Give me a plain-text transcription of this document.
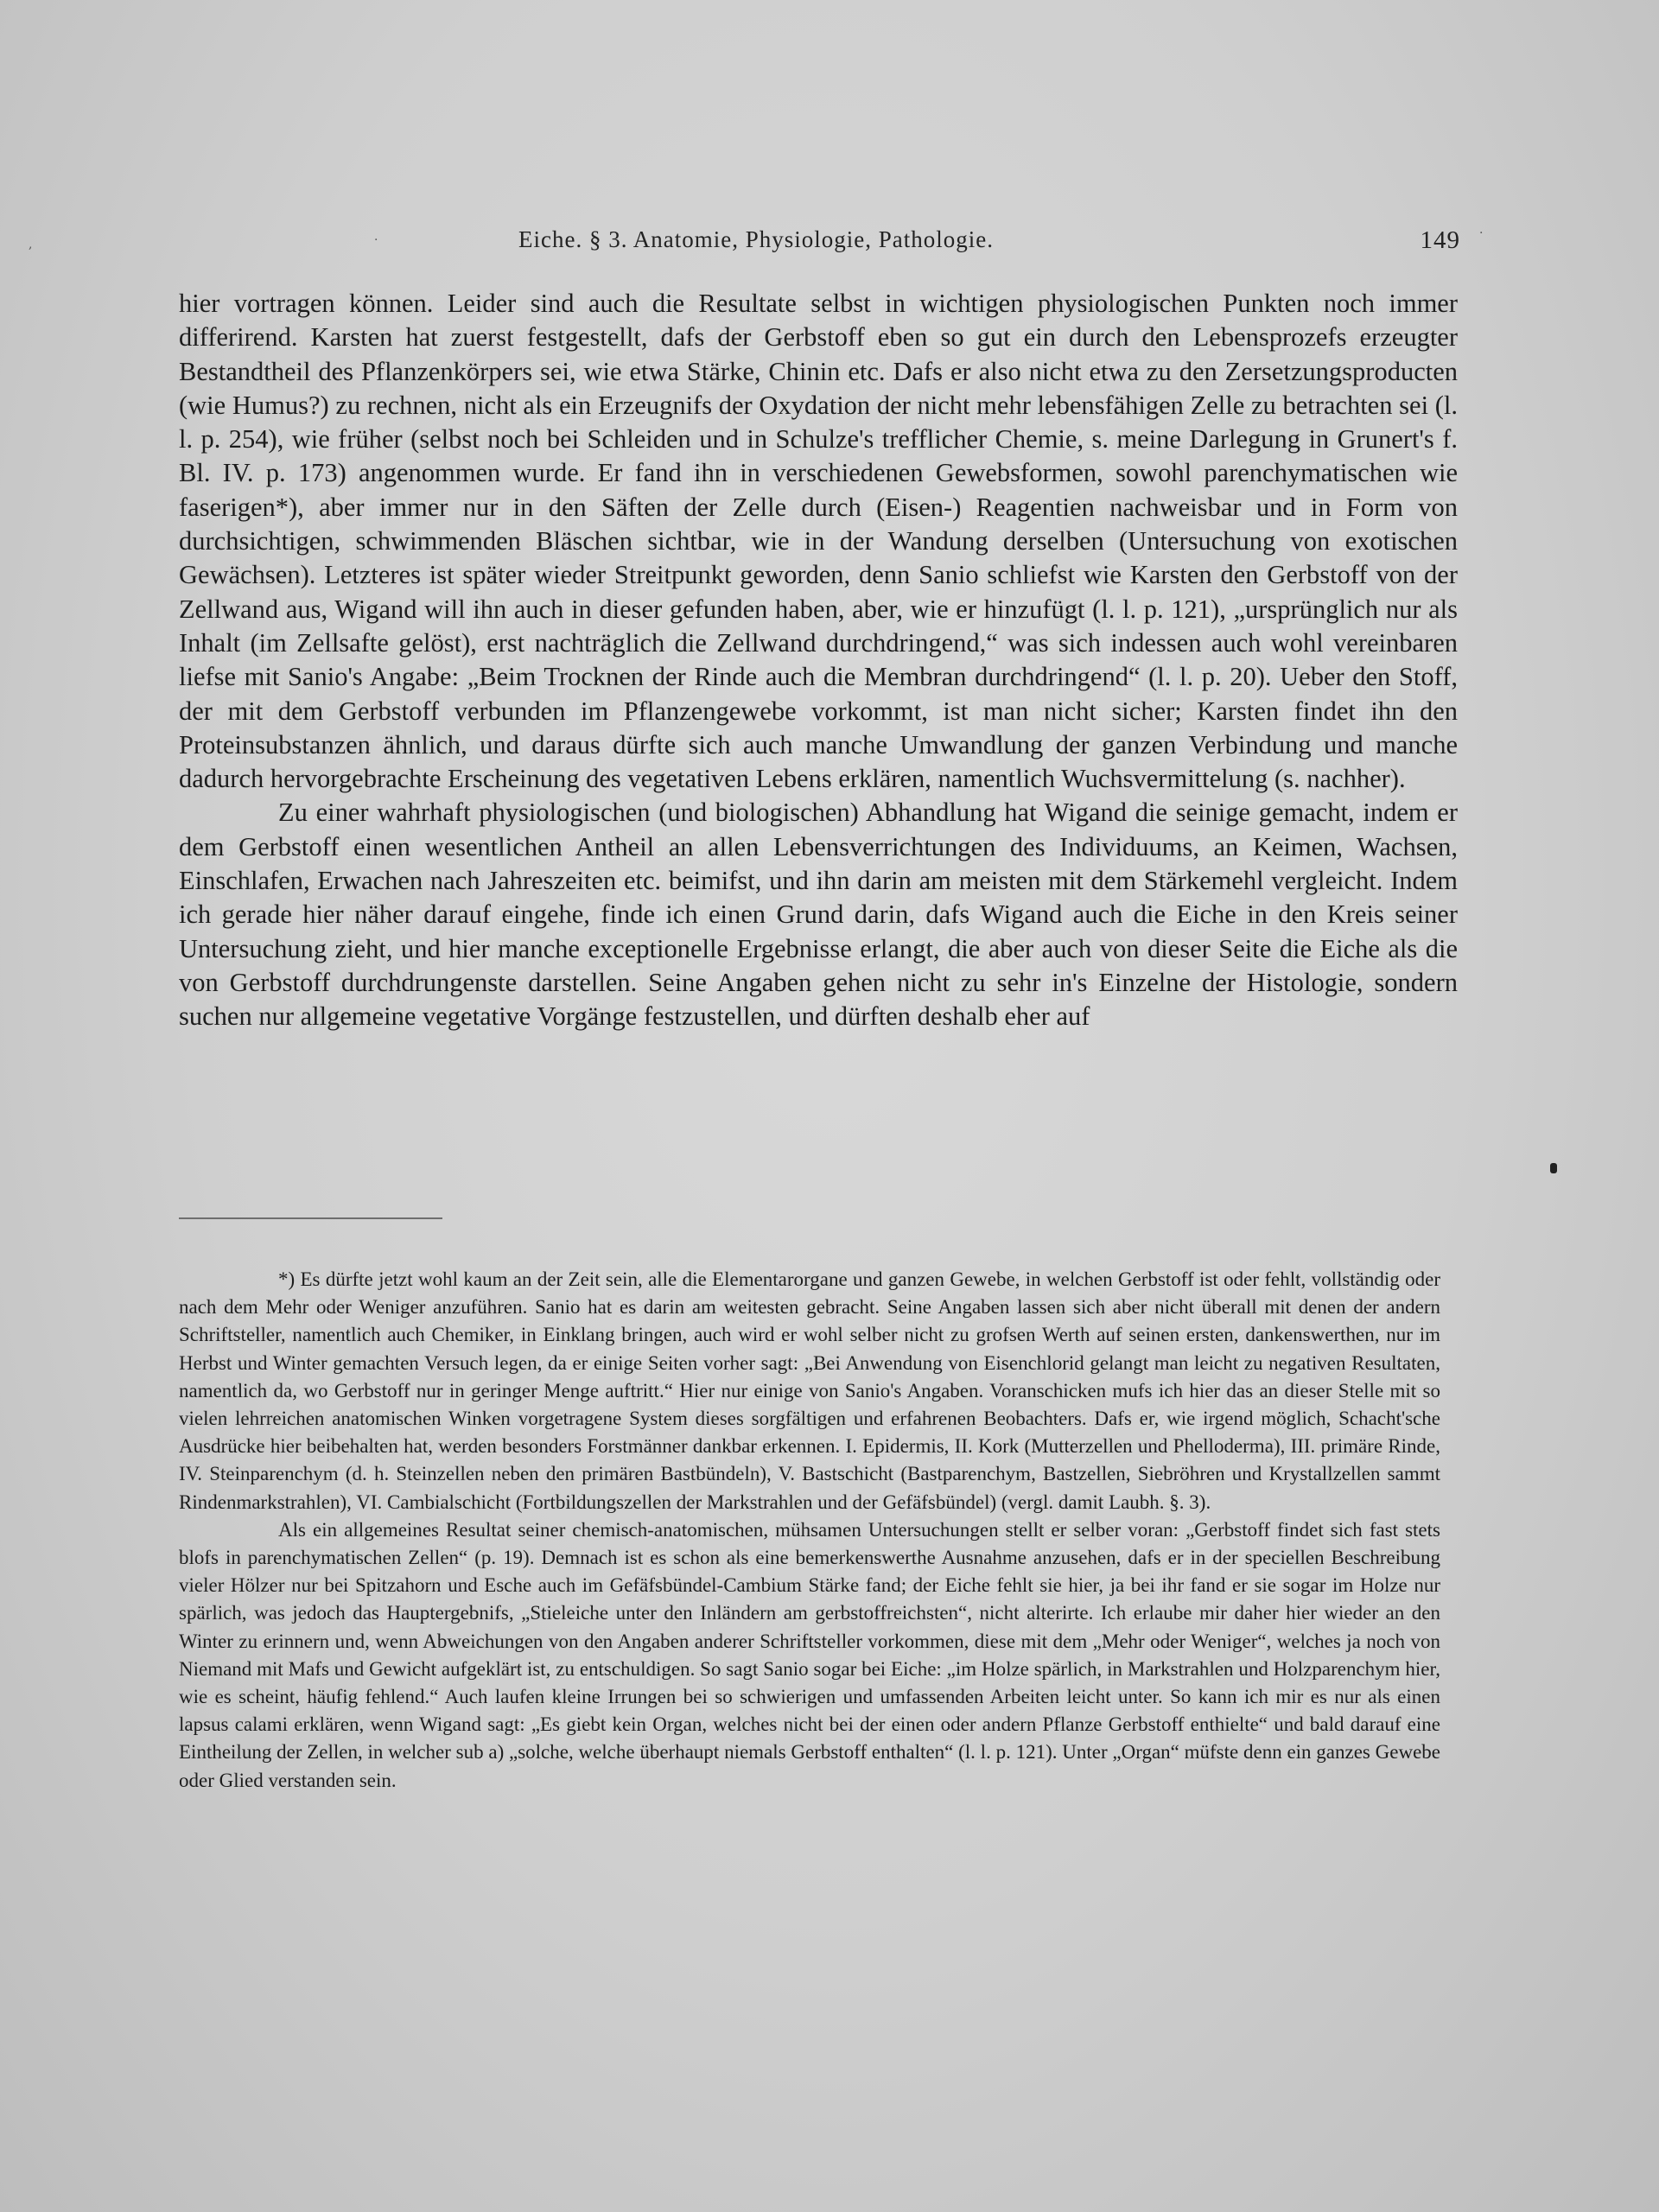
·	·
,	Eiche. § 3. Anatomie, Physiologie, Pathologie.	149

hier vortragen können. Leider sind auch die Resultate selbst in wichtigen physiologischen Punkten noch immer differirend. Karsten hat zuerst festgestellt, dafs der Gerbstoff eben so gut ein durch den Lebensprozefs erzeugter Bestandtheil des Pflanzenkörpers sei, wie etwa Stärke, Chinin etc. Dafs er also nicht etwa zu den Zersetzungsproducten (wie Humus?) zu rechnen, nicht als ein Erzeugnifs der Oxydation der nicht mehr lebensfähigen Zelle zu betrachten sei (l. l. p. 254), wie früher (selbst noch bei Schleiden und in Schulze's trefflicher Chemie, s. meine Darlegung in Grunert's f. Bl. IV. p. 173) angenommen wurde. Er fand ihn in verschiedenen Gewebsformen, sowohl parenchymatischen wie faserigen*), aber immer nur in den Säften der Zelle durch (Eisen-) Reagentien nachweisbar und in Form von durchsichtigen, schwimmenden Bläschen sichtbar, wie in der Wandung derselben (Untersuchung von exotischen Gewächsen). Letzteres ist später wieder Streitpunkt geworden, denn Sanio schliefst wie Karsten den Gerbstoff von der Zellwand aus, Wigand will ihn auch in dieser gefunden haben, aber, wie er hinzufügt (l. l. p. 121), „ursprünglich nur als Inhalt (im Zellsafte gelöst), erst nachträglich die Zellwand durchdringend,“ was sich indessen auch wohl vereinbaren liefse mit Sanio's Angabe: „Beim Trocknen der Rinde auch die Membran durchdringend“ (l. l. p. 20). Ueber den Stoff, der mit dem Gerbstoff verbunden im Pflanzengewebe vorkommt, ist man nicht sicher; Karsten findet ihn den Proteinsubstanzen ähnlich, und daraus dürfte sich auch manche Umwandlung der ganzen Verbindung und manche dadurch hervorgebrachte Erscheinung des vegetativen Lebens erklären, namentlich Wuchsvermittelung (s. nachher).

Zu einer wahrhaft physiologischen (und biologischen) Abhandlung hat Wigand die seinige gemacht, indem er dem Gerbstoff einen wesentlichen Antheil an allen Lebensverrichtungen des Individuums, an Keimen, Wachsen, Einschlafen, Erwachen nach Jahreszeiten etc. beimifst, und ihn darin am meisten mit dem Stärkemehl vergleicht. Indem ich gerade hier näher darauf eingehe, finde ich einen Grund darin, dafs Wigand auch die Eiche in den Kreis seiner Untersuchung zieht, und hier manche exceptionelle Ergebnisse erlangt, die aber auch von dieser Seite die Eiche als die von Gerbstoff durchdrungenste darstellen. Seine Angaben gehen nicht zu sehr in's Einzelne der Histologie, sondern suchen nur allgemeine vegetative Vorgänge festzustellen, und dürften deshalb eher auf

*) Es dürfte jetzt wohl kaum an der Zeit sein, alle die Elementarorgane und ganzen Gewebe, in welchen Gerbstoff ist oder fehlt, vollständig oder nach dem Mehr oder Weniger anzuführen. Sanio hat es darin am weitesten gebracht. Seine Angaben lassen sich aber nicht überall mit denen der andern Schriftsteller, namentlich auch Chemiker, in Einklang bringen, auch wird er wohl selber nicht zu grofsen Werth auf seinen ersten, dankenswerthen, nur im Herbst und Winter gemachten Versuch legen, da er einige Seiten vorher sagt: „Bei Anwendung von Eisenchlorid gelangt man leicht zu negativen Resultaten, namentlich da, wo Gerbstoff nur in geringer Menge auftritt.“ Hier nur einige von Sanio's Angaben. Voranschicken mufs ich hier das an dieser Stelle mit so vielen lehrreichen anatomischen Winken vorgetragene System dieses sorgfältigen und erfahrenen Beobachters. Dafs er, wie irgend möglich, Schacht'sche Ausdrücke hier beibehalten hat, werden besonders Forstmänner dankbar erkennen. I. Epidermis, II. Kork (Mutterzellen und Phelloderma), III. primäre Rinde, IV. Steinparenchym (d. h. Steinzellen neben den primären Bastbündeln), V. Bastschicht (Bastparenchym, Bastzellen, Siebröhren und Krystallzellen sammt Rindenmarkstrahlen), VI. Cambialschicht (Fortbildungszellen der Markstrahlen und der Gefäfsbündel) (vergl. damit Laubh. §. 3).

Als ein allgemeines Resultat seiner chemisch-anatomischen, mühsamen Untersuchungen stellt er selber voran: „Gerbstoff findet sich fast stets blofs in parenchymatischen Zellen“ (p. 19). Demnach ist es schon als eine bemerkenswerthe Ausnahme anzusehen, dafs er in der speciellen Beschreibung vieler Hölzer nur bei Spitzahorn und Esche auch im Gefäfsbündel-Cambium Stärke fand; der Eiche fehlt sie hier, ja bei ihr fand er sie sogar im Holze nur spärlich, was jedoch das Hauptergebnifs, „Stieleiche unter den Inländern am gerbstoffreichsten“, nicht alterirte. Ich erlaube mir daher hier wieder an den Winter zu erinnern und, wenn Abweichungen von den Angaben anderer Schriftsteller vorkommen, diese mit dem „Mehr oder Weniger“, welches ja noch von Niemand mit Mafs und Gewicht aufgeklärt ist, zu entschuldigen. So sagt Sanio sogar bei Eiche: „im Holze spärlich, in Markstrahlen und Holzparenchym hier, wie es scheint, häufig fehlend.“ Auch laufen kleine Irrungen bei so schwierigen und umfassenden Arbeiten leicht unter. So kann ich mir es nur als einen lapsus calami erklären, wenn Wigand sagt: „Es giebt kein Organ, welches nicht bei der einen oder andern Pflanze Gerbstoff enthielte“ und bald darauf eine Eintheilung der Zellen, in welcher sub a) „solche, welche überhaupt niemals Gerbstoff enthalten“ (l. l. p. 121). Unter „Organ“ müfste denn ein ganzes Gewebe oder Glied verstanden sein.
